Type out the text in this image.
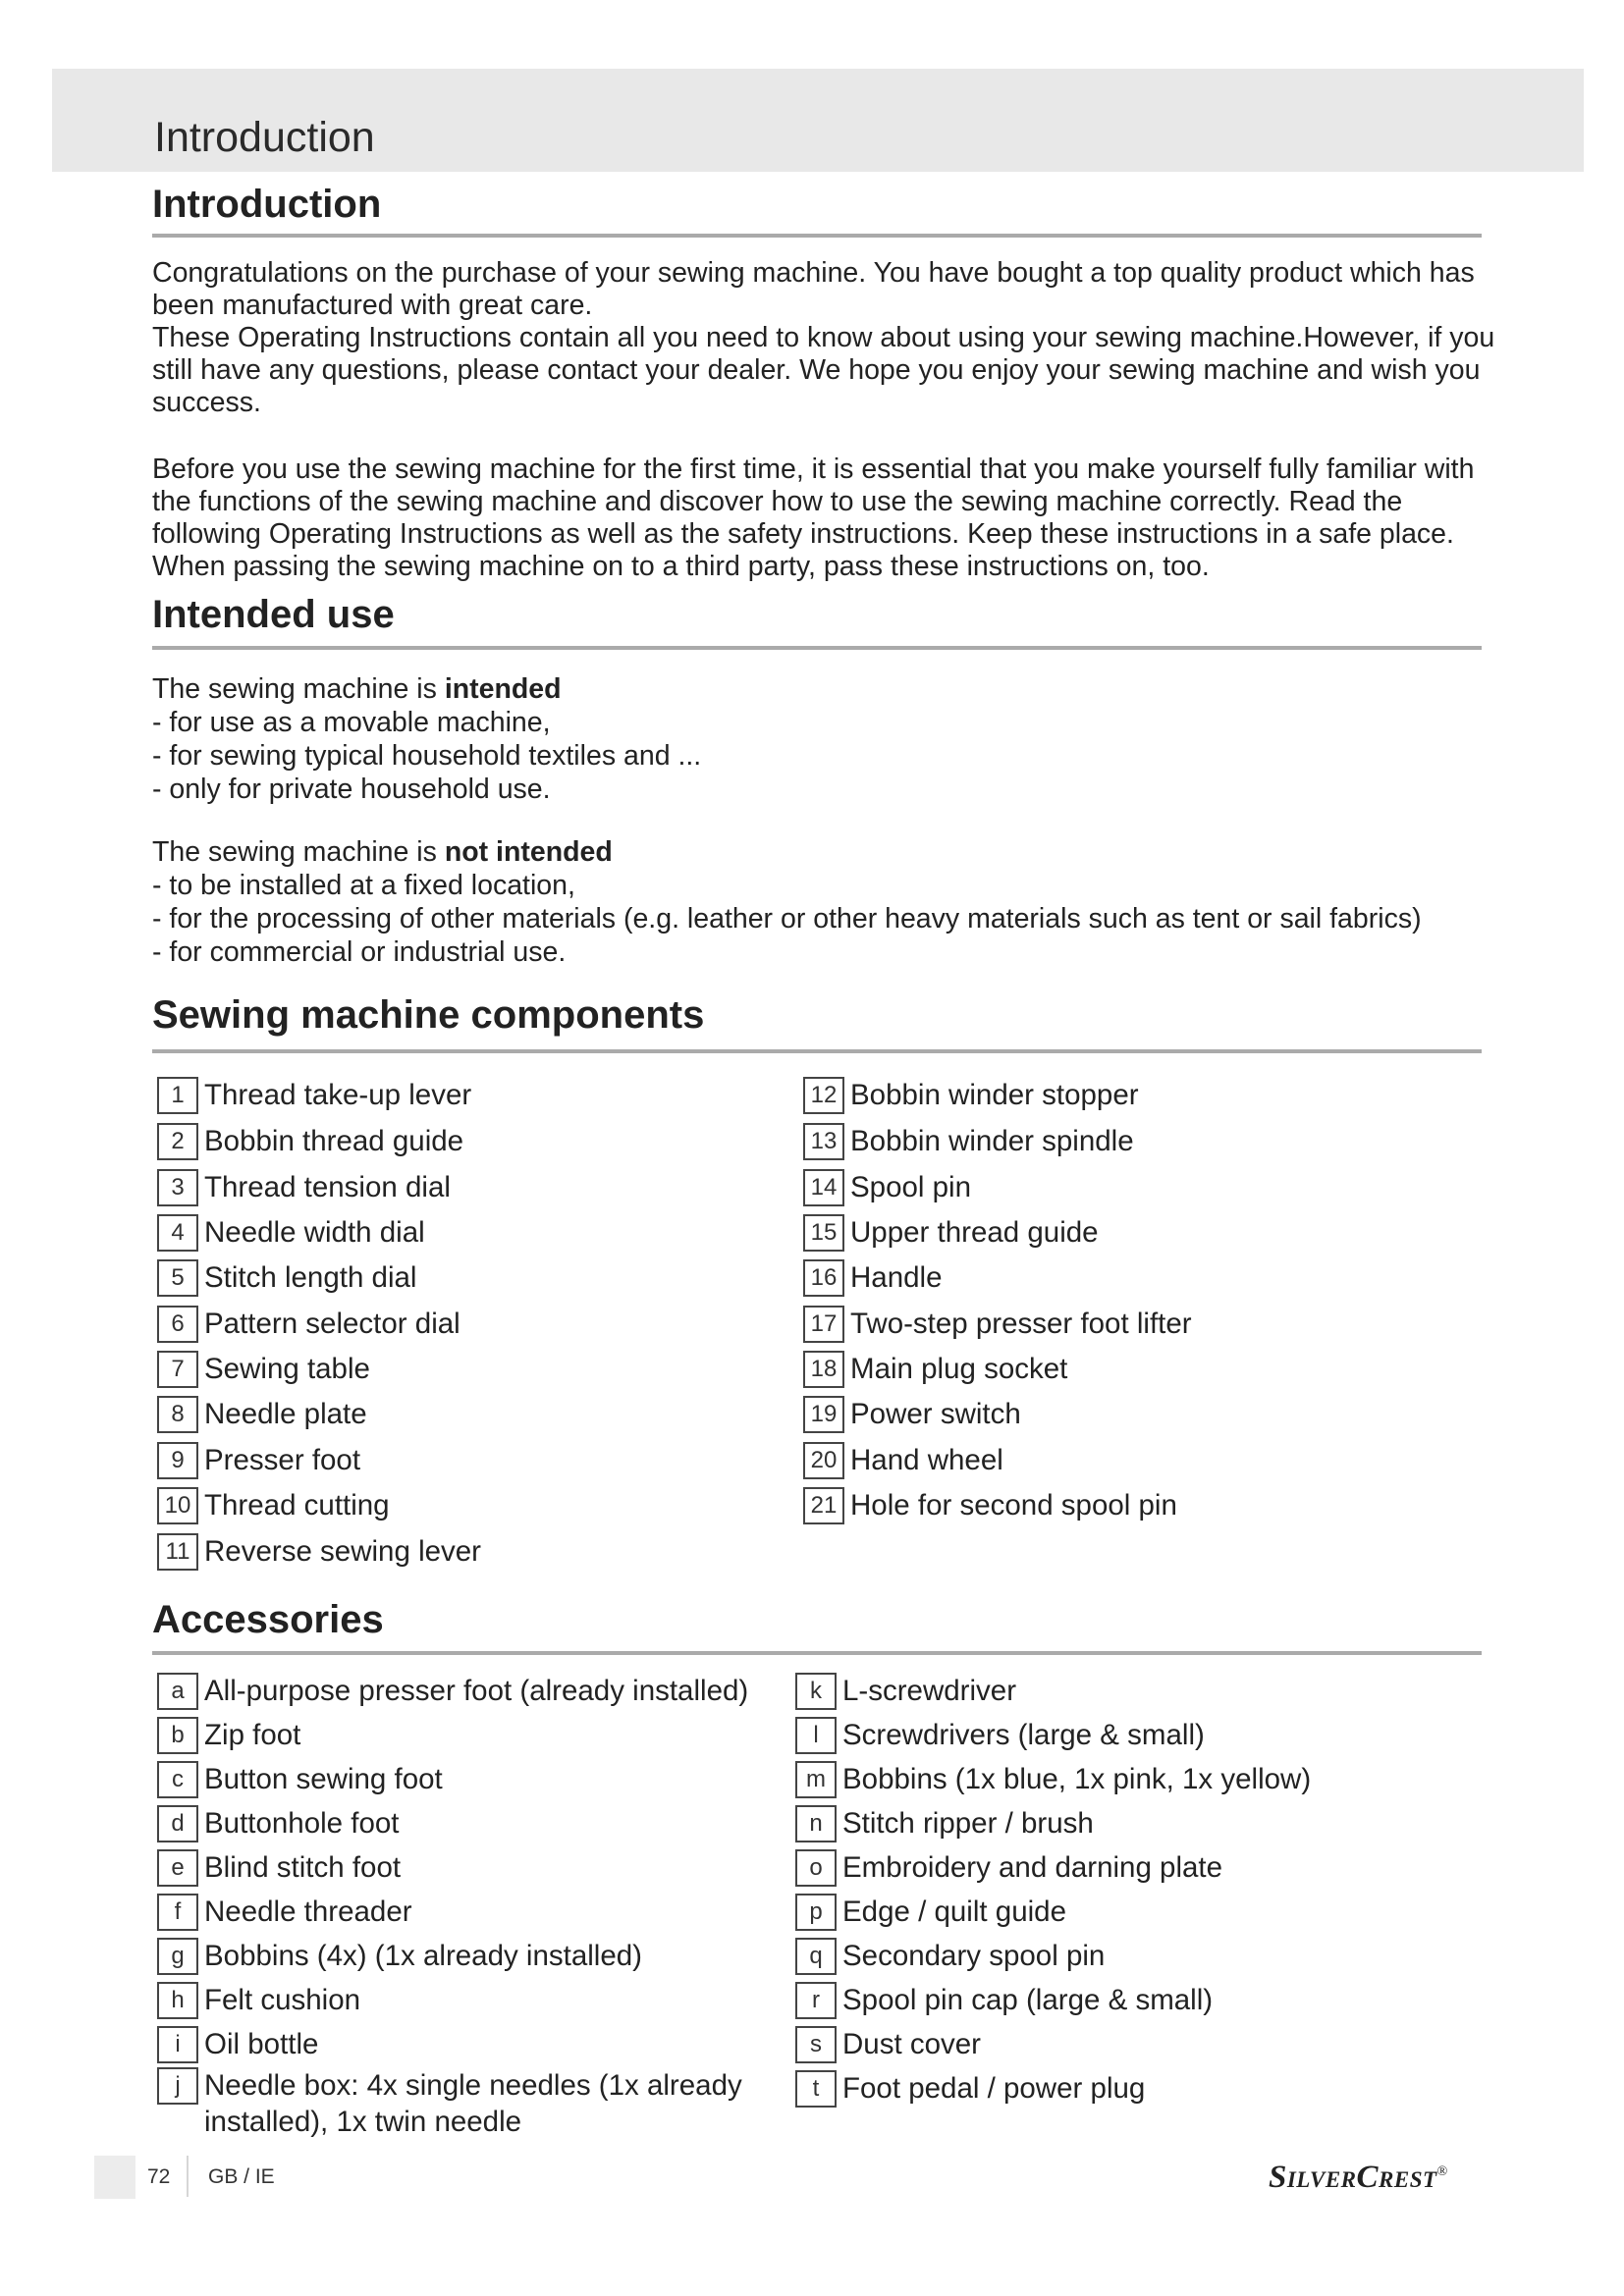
Introduction
Introduction

Congratulations on the purchase of your sewing machine. You have bought a top quality product which has been manufactured with great care.

These Operating Instructions contain all you need to know about using your sewing machine.However, if you still have any questions, please contact your dealer. We hope you enjoy your sewing machine and wish you success.

Before you use the sewing machine for the first time, it is essential that you make yourself fully familiar with the functions of the sewing machine and discover how to use the sewing machine correctly. Read the following Operating Instructions as well as the safety instructions. Keep these instructions in a safe place. When passing the sewing machine on to a third party, pass these instructions on, too.

Intended use
The sewing machine is intended
- for use as a movable machine,
- for sewing typical household textiles and ...
- only for private household use.
The sewing machine is not intended
- to be installed at a fixed location,
- for the processing of other materials (e.g. leather or other heavy materials such as tent or sail fabrics)
- for commercial or industrial use.
Sewing machine components
1 Thread take-up lever
2 Bobbin thread guide
3 Thread tension dial
4 Needle width dial
5 Stitch length dial
6 Pattern selector dial
7 Sewing table
8 Needle plate
9 Presser foot
10 Thread cutting
11 Reverse sewing lever
12 Bobbin winder stopper
13 Bobbin winder spindle
14 Spool pin
15 Upper thread guide
16 Handle
17 Two-step presser foot lifter
18 Main plug socket
19 Power switch
20 Hand wheel
21 Hole for second spool pin
Accessories
a All-purpose presser foot (already installed)
b Zip foot
c Button sewing foot
d Buttonhole foot
e Blind stitch foot
f Needle threader
g Bobbins (4x) (1x already installed)
h Felt cushion
i Oil bottle
j Needle box: 4x single needles (1x already installed), 1x twin needle
k L-screwdriver
l Screwdrivers (large & small)
m Bobbins (1x blue, 1x pink, 1x yellow)
n Stitch ripper / brush
o Embroidery and darning plate
p Edge / quilt guide
q Secondary spool pin
r Spool pin cap (large & small)
s Dust cover
t Foot pedal / power plug
72 GB / IE	SilverCrest®
